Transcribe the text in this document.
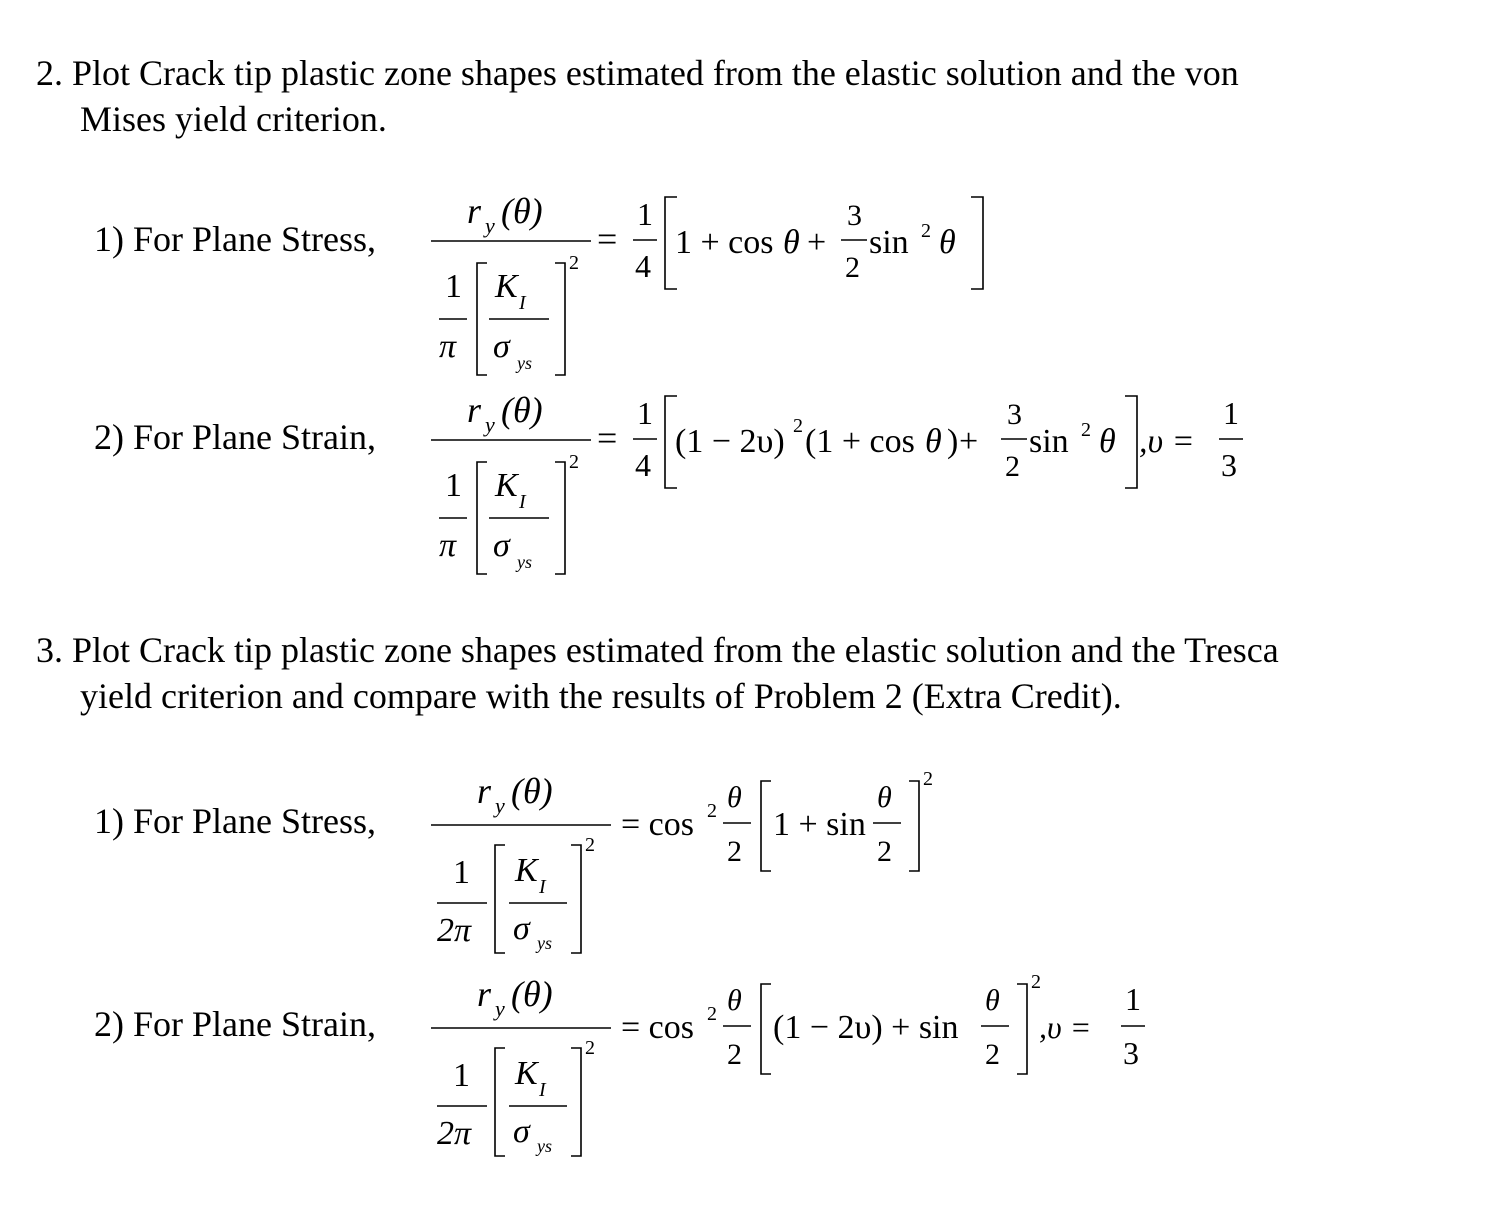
2. Plot Crack tip plastic zone shapes estimated from the elastic solution and the von
Mises yield criterion.
1) For Plane Stress,
r y (θ)
1
π
K I
σ ys
2
=
1
4
1 + cos θ +
3
2
sin 2 θ
2) For Plane Strain,
r y (θ)
1
π
K I
σ ys
2
=
1
4
(1 − 2υ) 2 (1 + cos θ ) +
3
2
sin 2 θ ,υ =
1
3
3. Plot Crack tip plastic zone shapes estimated from the elastic solution and the Tresca
yield criterion and compare with the results of Problem 2 (Extra Credit).
1) For Plane Stress,
r y (θ)
1
2π
K I
σ ys
2
= cos 2 θ
2
1 + sin
θ
2
2
2) For Plane Strain,
r y (θ)
1
2π
K I
σ ys
2
= cos 2 θ
2
(1 − 2υ) + sin
θ
2
2
,υ =
1
3
